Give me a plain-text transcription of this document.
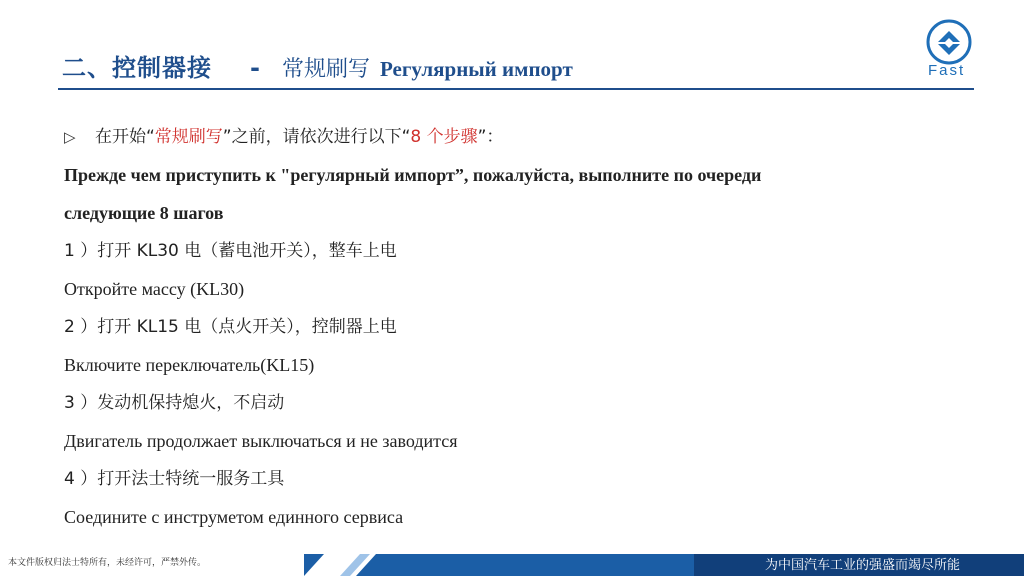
二、控制器接 - 常规刷写 Регулярный импорт	Fast
▷ 在开始“常规刷写”之前，请依次进行以下“8 个步骤”：
Прежде чем приступить к "регулярный импорт”, пожалуйста, выполните по очереди
следующие 8 шагов
1 ）打开 KL30 电（蓄电池开关），整车上电
Откройте массу (KL30)
2 ）打开 KL15 电（点火开关），控制器上电
Включите переключатель(KL15)
3 ）发动机保持熄火，不启动
Двигатель продолжает выключаться и не заводится
4 ）打开法士特统一服务工具
Соедините с инструметом единного сервиса
本文件版权归法士特所有，未经许可，严禁外传。	为中国汽车工业的强盛而竭尽所能
